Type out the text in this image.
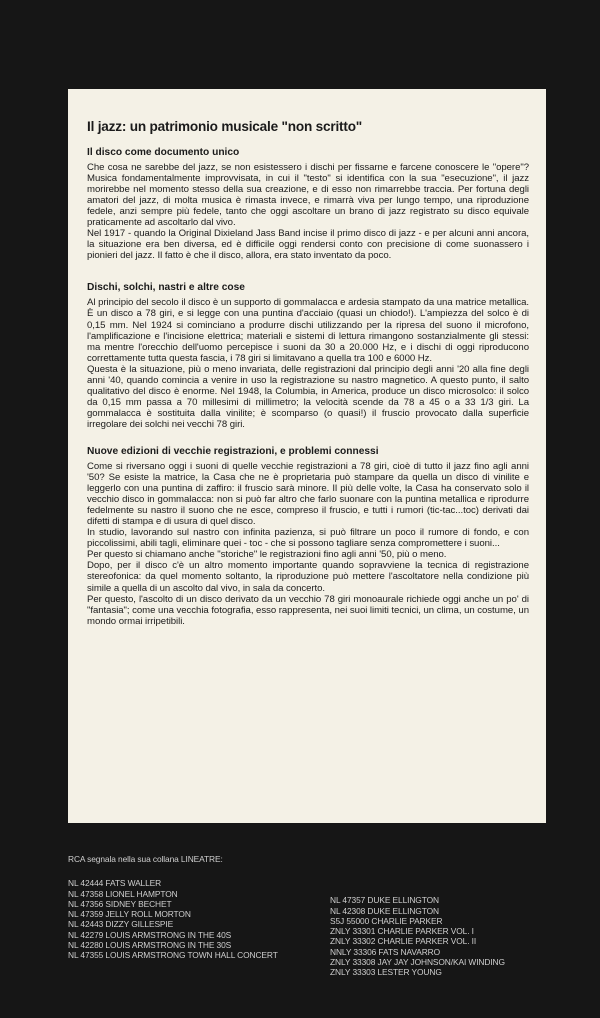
Il jazz: un patrimonio musicale "non scritto"
Il disco come documento unico

Che cosa ne sarebbe del jazz, se non esistessero i dischi per fissarne e farcene conoscere le "opere"? Musica fondamentalmente improvvisata, in cui il "testo" si identifica con la sua "esecuzione", il jazz morirebbe nel momento stesso della sua creazione, e di esso non rimarrebbe traccia. Per fortuna degli amatori del jazz, di molta musica è rimasta invece, e rimarrà viva per lungo tempo, una riproduzione fedele, anzi sempre più fedele, tanto che oggi ascoltare un brano di jazz registrato su disco equivale praticamente ad ascoltarlo dal vivo.

Nel 1917 - quando la Original Dixieland Jass Band incise il primo disco di jazz - e per alcuni anni ancora, la situazione era ben diversa, ed è difficile oggi rendersi conto con precisione di come suonassero i pionieri del jazz. Il fatto è che il disco, allora, era stato inventato da poco.

Dischi, solchi, nastri e altre cose

Al principio del secolo il disco è un supporto di gommalacca e ardesia stampato da una matrice metallica. È un disco a 78 giri, e si legge con una puntina d'acciaio (quasi un chiodo!). L'ampiezza del solco è di 0,15 mm. Nel 1924 si cominciano a produrre dischi utilizzando per la ripresa del suono il microfono, l'amplificazione e l'incisione elettrica; materiali e sistemi di lettura rimangono sostanzialmente gli stessi: ma mentre l'orecchio dell'uomo percepisce i suoni da 30 a 20.000 Hz, e i dischi di oggi riproducono correttamente tutta questa fascia, i 78 giri si limitavano a quella tra 100 e 6000 Hz.

Questa è la situazione, più o meno invariata, delle registrazioni dal principio degli anni '20 alla fine degli anni '40, quando comincia a venire in uso la registrazione su nastro magnetico. A questo punto, il salto qualitativo del disco è enorme. Nel 1948, la Columbia, in America, produce un disco microsolco: il solco da 0,15 mm passa a 70 millesimi di millimetro; la velocità scende da 78 a 45 o a 33 1/3 giri. La gommalacca è sostituita dalla vinilite; è scomparso (o quasi!) il fruscio provocato dalla superficie irregolare dei solchi nei vecchi 78 giri.

Nuove edizioni di vecchie registrazioni, e problemi connessi

Come si riversano oggi i suoni di quelle vecchie registrazioni a 78 giri, cioè di tutto il jazz fino agli anni '50? Se esiste la matrice, la Casa che ne è proprietaria può stampare da quella un disco di vinilite e leggerlo con una puntina di zaffiro: il fruscio sarà minore. Il più delle volte, la Casa ha conservato solo il vecchio disco in gommalacca: non si può far altro che farlo suonare con la puntina metallica e riprodurre fedelmente su nastro il suono che ne esce, compreso il fruscio, e tutti i rumori (tic-tac...toc) derivati dai difetti di stampa e di usura di quel disco.

In studio, lavorando sul nastro con infinita pazienza, si può filtrare un poco il rumore di fondo, e con piccolissimi, abili tagli, eliminare quei - toc - che si possono tagliare senza compromettere i suoni...

Per questo si chiamano anche "storiche" le registrazioni fino agli anni '50, più o meno.

Dopo, per il disco c'è un altro momento importante quando sopravviene la tecnica di registrazione stereofonica: da quel momento soltanto, la riproduzione può mettere l'ascoltatore nella condizione più simile a quella di un ascolto dal vivo, in sala da concerto.

Per questo, l'ascolto di un disco derivato da un vecchio 78 giri monoaurale richiede oggi anche un po' di "fantasia"; come una vecchia fotografia, esso rappresenta, nei suoi limiti tecnici, un clima, un costume, un mondo ormai irripetibili.

RCA segnala nella sua collana LINEATRE:

NL 42444 FATS WALLER
NL 47358 LIONEL HAMPTON
NL 47356 SIDNEY BECHET
NL 47359 JELLY ROLL MORTON
NL 42443 DIZZY GILLESPIE
NL 42279 LOUIS ARMSTRONG IN THE 40S
NL 42280 LOUIS ARMSTRONG IN THE 30S
NL 47355 LOUIS ARMSTRONG TOWN HALL CONCERT
NL 47357 DUKE ELLINGTON
NL 42308 DUKE ELLINGTON
S5J 55000 CHARLIE PARKER
ZNLY 33301 CHARLIE PARKER VOL. I
ZNLY 33302 CHARLIE PARKER VOL. II
NNLY 33306 FATS NAVARRO
ZNLY 33308 JAY JAY JOHNSON/KAI WINDING
ZNLY 33303 LESTER YOUNG
